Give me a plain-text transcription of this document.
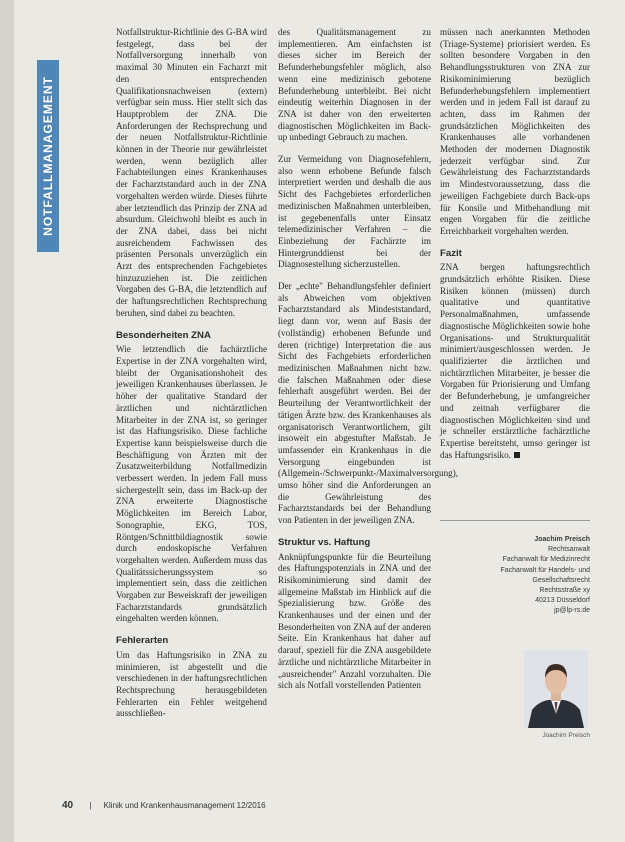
NOTFALLMANAGEMENT

Notfallstruktur-Richtlinie des G-BA wird festgelegt, dass bei der Notfallversorgung innerhalb von maximal 30 Minuten ein Facharzt mit den entsprechenden Qualifikationsnachweisen (extern) verfügbar sein muss. Hier stellt sich das Hauptproblem der ZNA. Die Anforderungen der Rechsprechung und der neuen Notfallstruktur-Richtlinie können in der Theorie nur gewährleistet werden, wenn bezüglich aller Fachabteilungen eines Krankenhauses der Facharztstandard auch in der ZNA vorgehalten werden würde. Dieses führte aber letztendlich das Prinzip der ZNA ad absurdum. Gleichwohl bleibt es auch in der ZNA dabei, dass bei nicht ausreichendem Fachwissen des präsenten Personals unverzüglich ein Arzt des entsprechenden Fachgebietes hinzuzuziehen ist. Die zeitlichen Vorgaben des G-BA, die letztendlich auf der haftungsrechtlichen Rechtsprechung beruhen, sind dabei zu beachten.

Besonderheiten ZNA

Wie letztendlich die fachärztliche Expertise in der ZNA vorgehalten wird, bleibt der Organisationshoheit des jeweiligen Krankenhauses überlassen. Je höher der qualitative Standard der ärztlichen und nichtärztlichen Mitarbeiter in der ZNA ist, so geringer ist das Haftungsrisiko. Diese fachliche Expertise kann beispielsweise durch die Beschäftigung von Ärzten mit der Zusatzweiterbildung Notfallmedizin verbessert werden. In jedem Fall muss sichergestellt sein, dass im Back-up der ZNA erweiterte Diagnostische Möglichkeiten im Bereich Labor, Sonographie, EKG, TOS, Röntgen/Schnittbildiagnostik sowie durch endoskopische Verfahren vorgehalten werden. Außerdem muss das Qualitätssicherungssystem so implementiert sein, dass die zeitlichen Vorgaben zur Beweiskraft der jeweiligen Facharztstandards grundsätzlich eingehalten werden können.

Fehlerarten

Um das Haftungsrisiko in ZNA zu minimieren, ist abgestellt und die verschiedenen in der haftungsrechtlichen Rechtsprechung herausgebildeten Fehlerarten ein Fehler weitgehend ausschließen-

des Qualitätsmanagement zu implementieren. Am einfachsten ist dieses sicher im Bereich der Befunderhebungsfehler möglich, also wenn eine medizinisch gebotene Befunderhebung unterbleibt. Bei nicht eindeutig weiterhin Diagnosen in der ZNA ist daher von den erweiterten diagnostischen Möglichkeiten im Back-up unbedingt Gebrauch zu machen.

Zur Vermeidung von Diagnosefehlern, also wenn erhobene Befunde falsch interpretiert werden und deshalb die aus Sicht des Fachgebietes erforderlichen medizinischen Maßnahmen unterbleiben, ist gegebenenfalls unter Einsatz telemedizinischer Verfahren – die Einbeziehung der Fachärzte im Hintergrunddienst bei der Diagnosestellung sicherzustellen.

Der „echte" Behandlungsfehler definiert als Abweichen vom objektiven Facharztstandard als Mindeststandard, liegt dann vor, wenn auf Basis der (vollständig) erhobenen Befunde und deren (richtige) Interpretation die aus Sicht des Fachgebiets erforderlichen medizinischen Maßnahmen nicht bzw. die falschen Maßnahmen oder diese fehlerhaft ausgeführt werden. Bei der Beurteilung der Verantwortlichkeit der tätigen Ärzte bzw. des Krankenhauses als organisatorisch Verantwortlichem, gilt insoweit ein abgestufter Maßstab. Je umfassender ein Krankenhaus in die Versorgung eingebunden ist (Allgemein-/Schwerpunkt-/Maximalversorgung), umso höher sind die Anforderungen an die Gewährleistung des Facharztstandards bei der Behandlung von Patienten in der jeweiligen ZNA.

Struktur vs. Haftung

Anknüpfungspunkte für die Beurteilung des Haftungspotenzials in ZNA und der Risikominimierung sind damit der allgemeine Maßstab im Hinblick auf die Spezialisierung bzw. Größe des Krankenhauses und der einen und der Besonderheiten von ZNA auf der anderen Seite. Ein Krankenhaus hat daher auf darauf, speziell für die ZNA ausgebildete ärztliche und nichtärztliche Mitarbeiter in „ausreichender" Anzahl vorzuhalten. Die sich als Notfall vorstellenden Patienten

müssen nach anerkannten Methoden (Triage-Systeme) priorisiert werden. Es sollten besondere Vorgaben in den Behandlungsstrukturen von ZNA zur Risikominimierung bezüglich Befunderhebungsfehlern implementiert werden und in jedem Fall ist darauf zu achten, dass im Rahmen der grundsätzlichen Möglichkeiten des Krankenhauses alle vorhandenen Methoden der modernen Diagnostik jederzeit verfügbar sind. Zur Gewährleistung des Facharztstandards im Mindestvoraussetzung, dass die jeweiligen Fachgebiete durch Back-ups für Konsile und Mitbehandlung mit engen Vorgaben für die zeitliche Erreichbarkeit vorgehalten werden.

Fazit

ZNA bergen haftungsrechtlich grundsätzlich erhöhte Risiken. Diese Risiken können (müssen) durch qualitative und quantitative Personalmaßnahmen, umfassende diagnostische Möglichkeiten sowie hohe Organisations- und Strukturqualität minimiert/ausgeschlossen werden. Je qualifizierter die ärztlichen und nichtärztlichen Mitarbeiter, je besser die Vorgaben für Priorisierung und Umfang der Befunderhebung, je umfangreicher und zeitnah verfügbarer die diagnostischen Möglichkeiten sind und je schneller erstärztliche fachärztliche Expertise bereitsteht, umso geringer ist das Haftungsrisiko.

Joachim Preisch
Rechtsanwalt
Fachanwalt für Medizinrecht
Fachanwalt für Handels- und
Gesellschaftsrecht
Rechtsstraße xy
40213 Düsseldorf
jp@lp-rs.de
Joachim Preisch
40 | Klinik und Krankenhausmanagement 12/2016
